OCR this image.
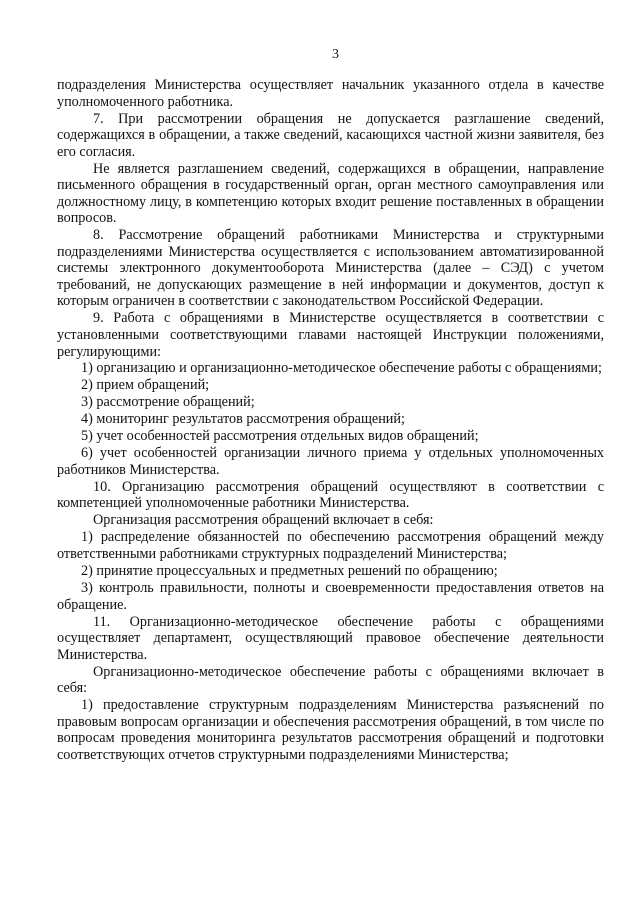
3

подразделения Министерства осуществляет начальник указанного отдела в качестве уполномоченного работника.

7. При рассмотрении обращения не допускается разглашение сведений, содержащихся в обращении, а также сведений, касающихся частной жизни заявителя, без его согласия.

Не является разглашением сведений, содержащихся в обращении, направление письменного обращения в государственный орган, орган местного самоуправления или должностному лицу, в компетенцию которых входит решение поставленных в обращении вопросов.

8. Рассмотрение обращений работниками Министерства и структурными подразделениями Министерства осуществляется с использованием автоматизированной системы электронного документооборота Министерства (далее – СЭД) с учетом требований, не допускающих размещение в ней информации и документов, доступ к которым ограничен в соответствии с законодательством Российской Федерации.

9. Работа с обращениями в Министерстве осуществляется в соответствии с установленными соответствующими главами настоящей Инструкции положениями, регулирующими:

1) организацию и организационно-методическое обеспечение работы с обращениями;

2) прием обращений;

3) рассмотрение обращений;

4) мониторинг результатов рассмотрения обращений;

5) учет особенностей рассмотрения отдельных видов обращений;

6) учет особенностей организации личного приема у отдельных уполномоченных работников Министерства.

10. Организацию рассмотрения обращений осуществляют в соответствии с компетенцией уполномоченные работники Министерства.

Организация рассмотрения обращений включает в себя:

1) распределение обязанностей по обеспечению рассмотрения обращений между ответственными работниками структурных подразделений Министерства;

2) принятие процессуальных и предметных решений по обращению;

3) контроль правильности, полноты и своевременности предоставления ответов на обращение.

11. Организационно-методическое обеспечение работы с обращениями осуществляет департамент, осуществляющий правовое обеспечение деятельности Министерства.

Организационно-методическое обеспечение работы с обращениями включает в себя:

1) предоставление структурным подразделениям Министерства разъяснений по правовым вопросам организации и обеспечения рассмотрения обращений, в том числе по вопросам проведения мониторинга результатов рассмотрения обращений и подготовки соответствующих отчетов структурными подразделениями Министерства;
